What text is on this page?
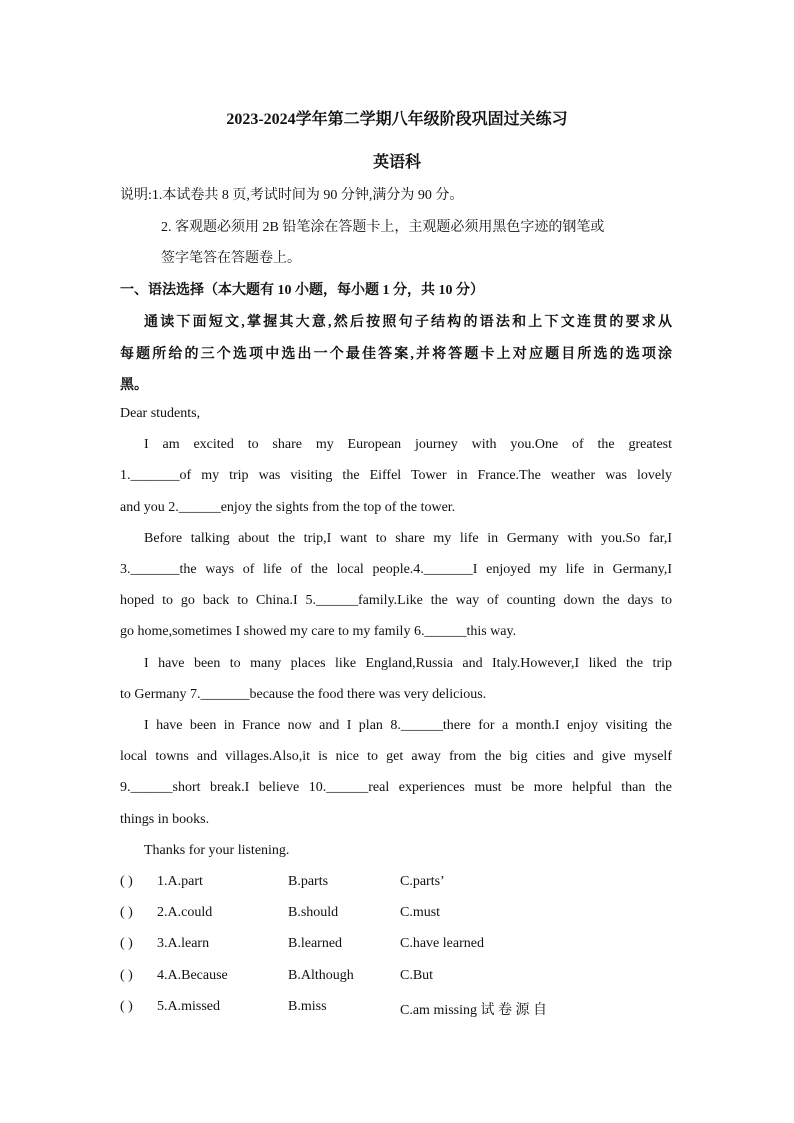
2023-2024学年第二学期八年级阶段巩固过关练习
英语科
说明:1.本试卷共 8 页,考试时间为 90 分钟,满分为 90 分。
2. 客观题必须用 2B 铅笔涂在答题卡上，主观题必须用黑色字迹的钢笔或
签字笔答在答题卷上。
一、语法选择（本大题有 10 小题，每小题 1 分，共 10 分）
通读下面短文,掌握其大意,然后按照句子结构的语法和上下文连贯的要求从
每题所给的三个选项中选出一个最佳答案,并将答题卡上对应题目所选的选项涂
黑。
Dear students,
I am excited to share my European journey with you.One of the greatest
1._______of my trip was visiting the Eiffel Tower in France.The weather was lovely
and you 2.______enjoy the sights from the top of the tower.
Before talking about the trip,I want to share my life in Germany with you.So far,I
3._______the ways of life of the local people.4._______I enjoyed my life in Germany,I
hoped to go back to China.I 5.______family.Like the way of counting down the days to
go home,sometimes I showed my care to my family 6.______this way.
I have been to many places like England,Russia and Italy.However,I liked the trip
to Germany 7._______because the food there was very delicious.
I have been in France now and I plan 8.______there for a month.I enjoy visiting the
local towns and villages.Also,it is nice to get away from the big cities and give myself
9.______short break.I believe 10.______real experiences must be more helpful than the
things in books.
Thanks for your listening.
( ) 1.A.part	B.parts	C.parts’
( ) 2.A.could	B.should	C.must
( ) 3.A.learn	B.learned	C.have learned
( ) 4.A.Because	B.Although	C.But
( ) 5.A.missed	B.miss	C.am missing 试 卷 源 自
